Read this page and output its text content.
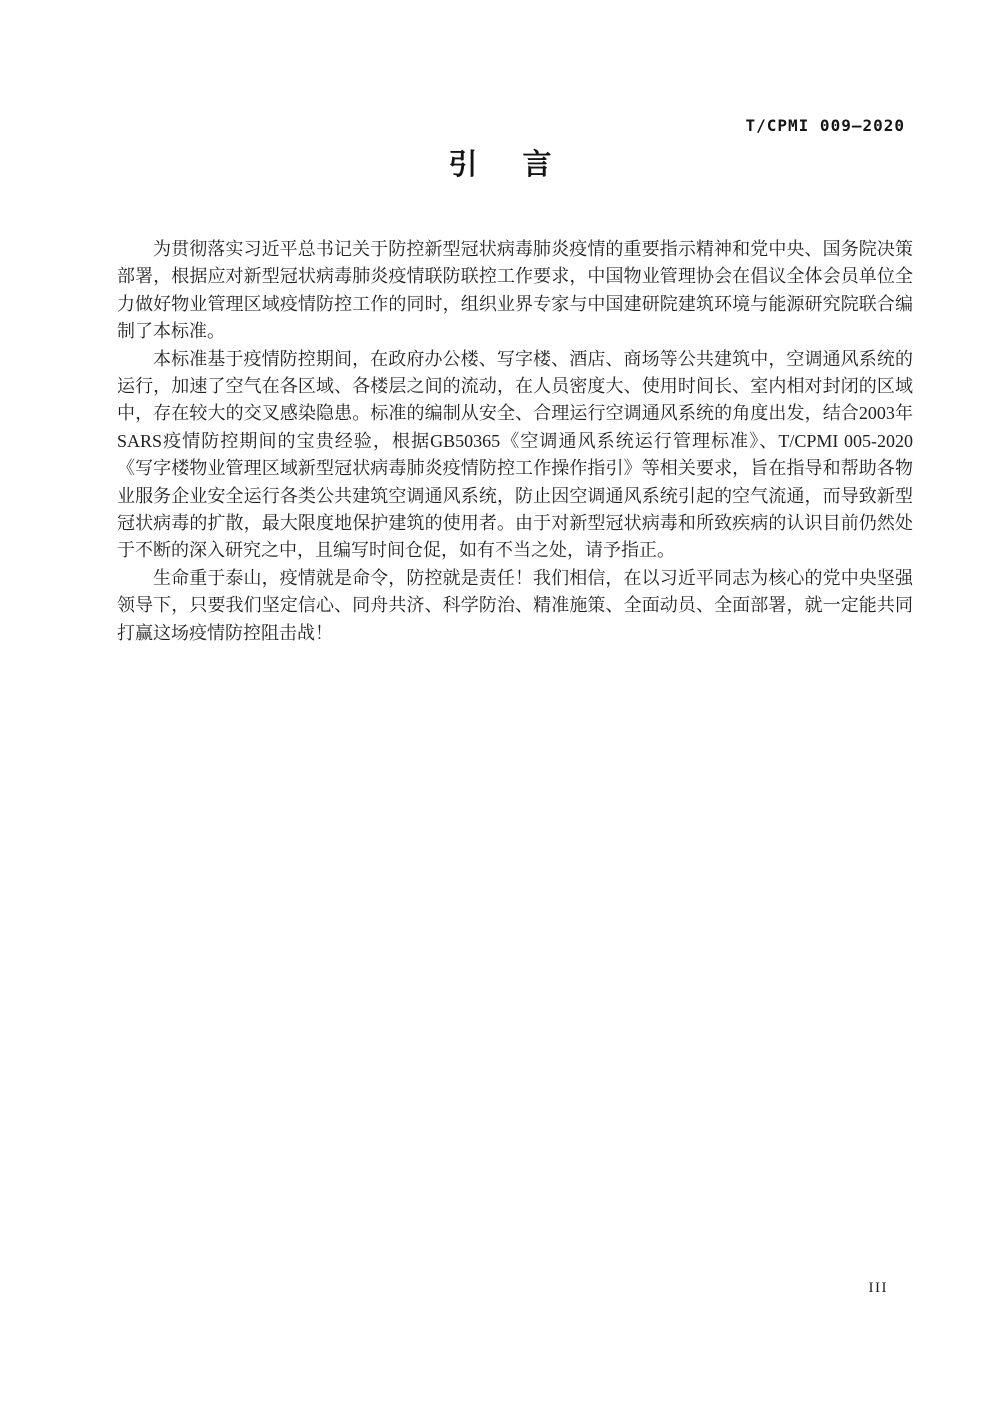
T/CPMI 009—2020
引　言

为贯彻落实习近平总书记关于防控新型冠状病毒肺炎疫情的重要指示精神和党中央、国务院决策部署，根据应对新型冠状病毒肺炎疫情联防联控工作要求，中国物业管理协会在倡议全体会员单位全力做好物业管理区域疫情防控工作的同时，组织业界专家与中国建研院建筑环境与能源研究院联合编制了本标准。

本标准基于疫情防控期间，在政府办公楼、写字楼、酒店、商场等公共建筑中，空调通风系统的运行，加速了空气在各区域、各楼层之间的流动，在人员密度大、使用时间长、室内相对封闭的区域中，存在较大的交叉感染隐患。标准的编制从安全、合理运行空调通风系统的角度出发，结合2003年SARS疫情防控期间的宝贵经验，根据GB50365《空调通风系统运行管理标准》、T/CPMI 005-2020《写字楼物业管理区域新型冠状病毒肺炎疫情防控工作操作指引》等相关要求，旨在指导和帮助各物业服务企业安全运行各类公共建筑空调通风系统，防止因空调通风系统引起的空气流通，而导致新型冠状病毒的扩散，最大限度地保护建筑的使用者。由于对新型冠状病毒和所致疾病的认识目前仍然处于不断的深入研究之中，且编写时间仓促，如有不当之处，请予指正。

生命重于泰山，疫情就是命令，防控就是责任！我们相信，在以习近平同志为核心的党中央坚强领导下，只要我们坚定信心、同舟共济、科学防治、精准施策、全面动员、全面部署，就一定能共同打赢这场疫情防控阻击战！

III
